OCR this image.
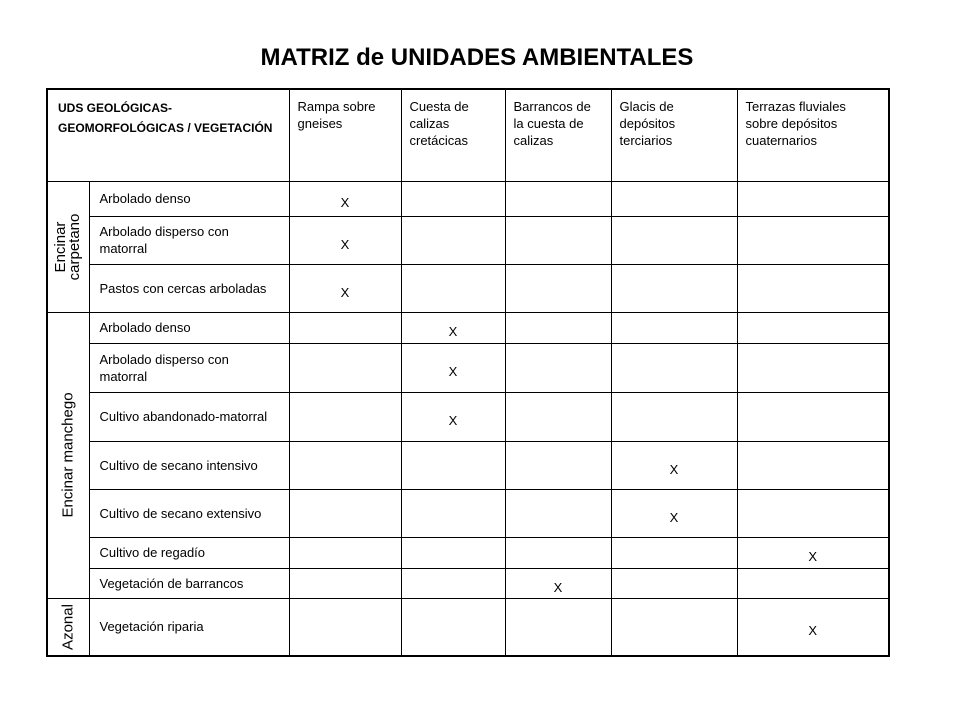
MATRIZ de UNIDADES AMBIENTALES
UDS GEOLÓGICAS-GEOMORFOLÓGICAS / VEGETACIÓN		Rampa sobre gneises	Cuesta de calizas cretácicas	Barrancos de la cuesta de calizas	Glacis de depósitos terciarios	Terrazas fluviales sobre depósitos cuaternarios

Encinar carpetano	Arbolado denso	X				
	Arbolado disperso con matorral	X				
	Pastos con cercas arboladas	X				

Encinar manchego	Arbolado denso		X			
	Arbolado disperso con matorral		X			
	Cultivo abandonado-matorral		X			
	Cultivo de secano intensivo				X	
	Cultivo de secano extensivo				X	
	Cultivo de regadío					X
	Vegetación de barrancos			X		

Azonal	Vegetación riparia					X
